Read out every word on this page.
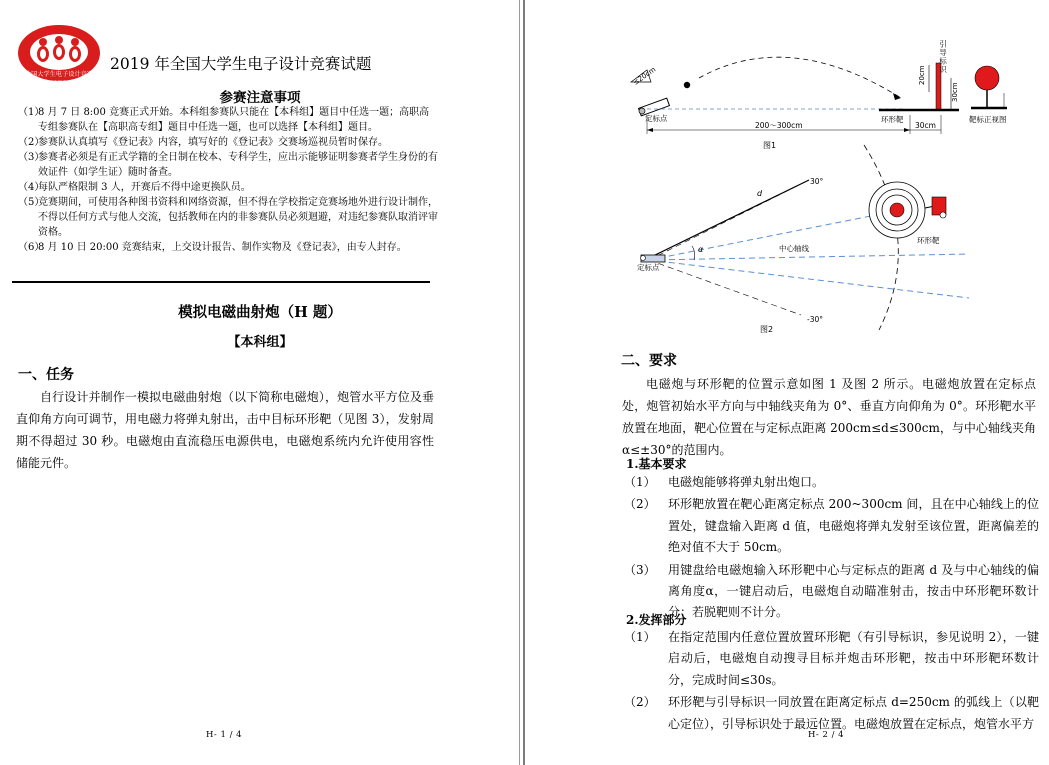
全国大学生电子设计竞赛
National Undergraduate Electronic Design Contest
2019 年全国大学生电子设计竞赛试题
参赛注意事项
（1）
8 月 7 日 8:00 竞赛正式开始。本科组参赛队只能在【本科组】题目中任选一题；高职高专组参赛队在【高职高专组】题目中任选一题，也可以选择【本科组】题目。
（2）
参赛队认真填写《登记表》内容，填写好的《登记表》交赛场巡视员暂时保存。
（3）
参赛者必须是有正式学籍的全日制在校本、专科学生，应出示能够证明参赛者学生身份的有效证件（如学生证）随时备查。
（4）
每队严格限制 3 人，开赛后不得中途更换队员。
（5）
竞赛期间，可使用各种图书资料和网络资源，但不得在学校指定竞赛场地外进行设计制作，不得以任何方式与他人交流，包括教师在内的非参赛队员必须迴避，对违纪参赛队取消评审资格。
（6）
8 月 10 日 20:00 竞赛结束，上交设计报告、制作实物及《登记表》，由专人封存。
模拟电磁曲射炮（H 题）
【本科组】
一、任务

自行设计并制作一模拟电磁曲射炮（以下简称电磁炮），炮管水平方位及垂直仰角方向可调节，用电磁力将弹丸射出，击中目标环形靶（见图 3），发射周期不得超过 30 秒。电磁炮由直流稳压电源供电，电磁炮系统内允许使用容性储能元件。

H- 1 / 4
≤20cm
引导标识
20cm
30cm
定标点	环形靶	靶标正视图
200～300cm	30cm
图1
30°
-30°
d
α	中心轴线
定标点
环形靶
图2
二、要求

电磁炮与环形靶的位置示意如图 1 及图 2 所示。电磁炮放置在定标点处，炮管初始水平方向与中轴线夹角为 0°、垂直方向仰角为 0°。环形靶水平放置在地面，靶心位置在与定标点距离 200cm≤d≤300cm，与中心轴线夹角α≤±30°的范围内。

1.基本要求
（1） 电磁炮能够将弹丸射出炮口。
（2） 环形靶放置在靶心距离定标点 200~300cm 间，且在中心轴线上的位置处，键盘输入距离 d 值，电磁炮将弹丸发射至该位置，距离偏差的绝对值不大于 50cm。
（3） 用键盘给电磁炮输入环形靶中心与定标点的距离 d 及与中心轴线的偏离角度α，一键启动后，电磁炮自动瞄准射击，按击中环形靶环数计分；若脱靶则不计分。
2.发挥部分
（1） 在指定范围内任意位置放置环形靶（有引导标识，参见说明 2），一键启动后，电磁炮自动搜寻目标并炮击环形靶，按击中环形靶环数计分，完成时间≤30s。
（2） 环形靶与引导标识一同放置在距离定标点 d=250cm 的弧线上（以靶心定位），引导标识处于最远位置。电磁炮放置在定标点，炮管水平方
H- 2 / 4
